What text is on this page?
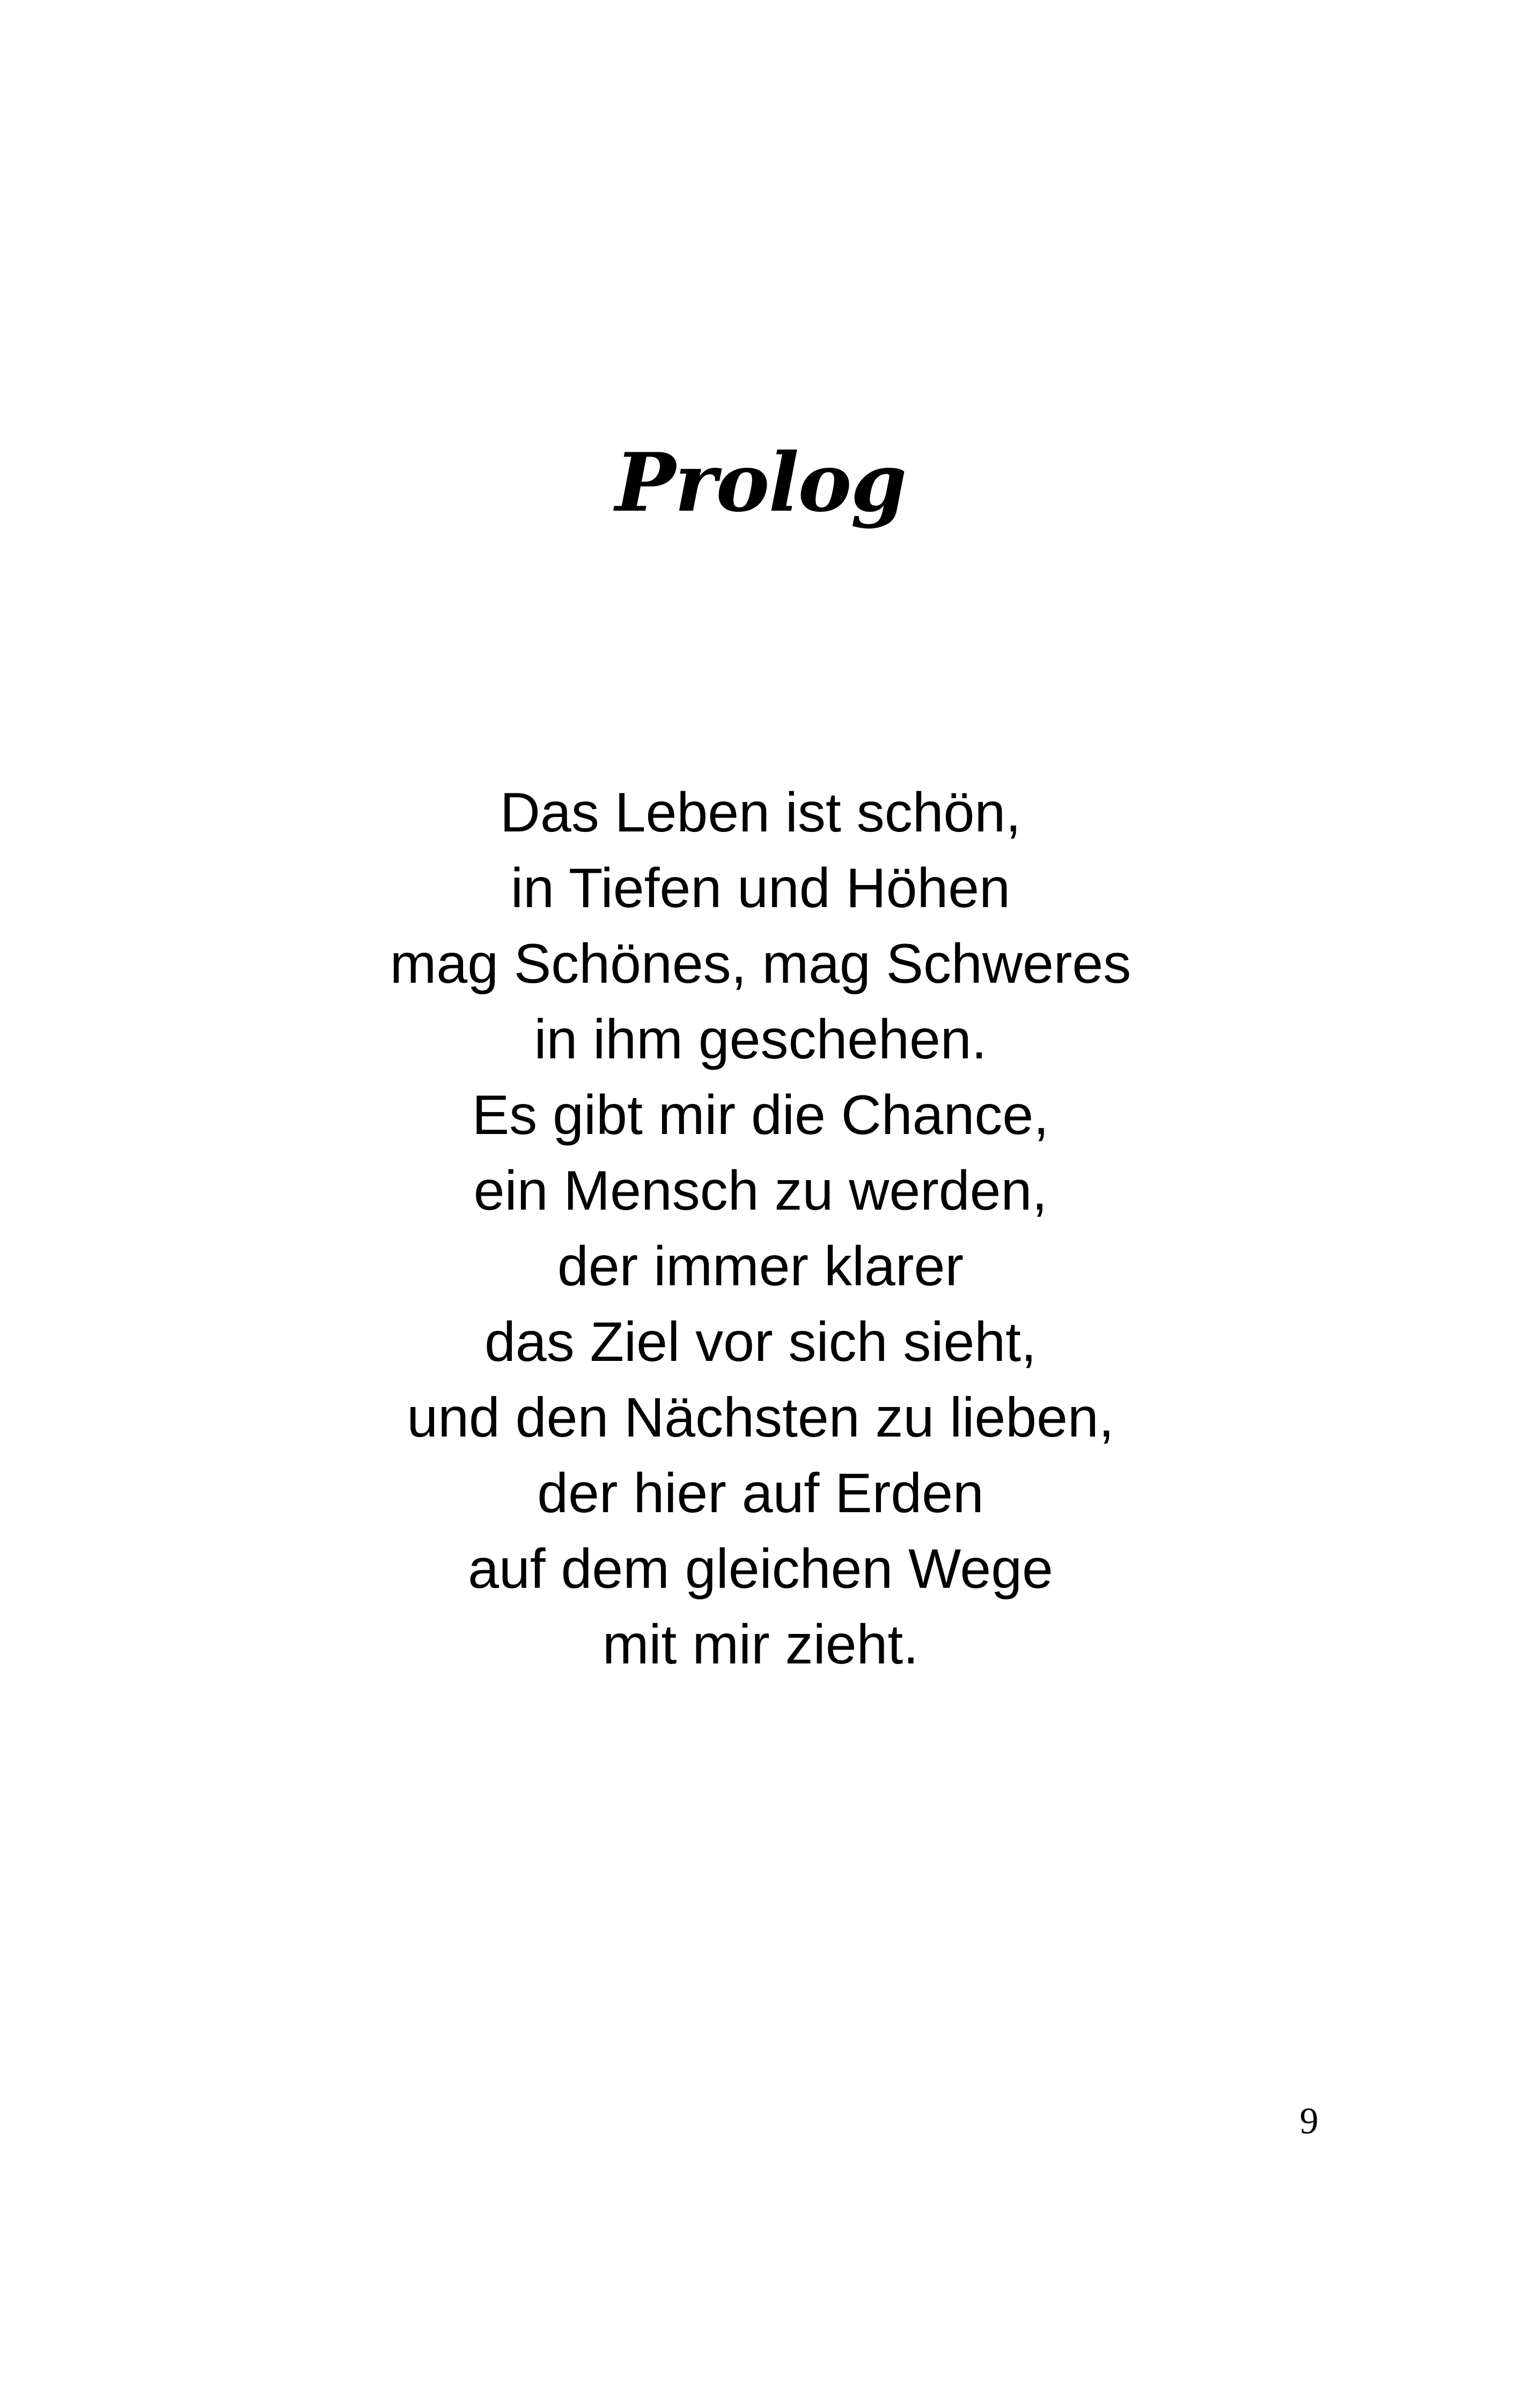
Prolog
Das Leben ist schön,
in Tiefen und Höhen
mag Schönes, mag Schweres
in ihm geschehen.
Es gibt mir die Chance,
ein Mensch zu werden,
der immer klarer
das Ziel vor sich sieht,
und den Nächsten zu lieben,
der hier auf Erden
auf dem gleichen Wege
mit mir zieht.
9
